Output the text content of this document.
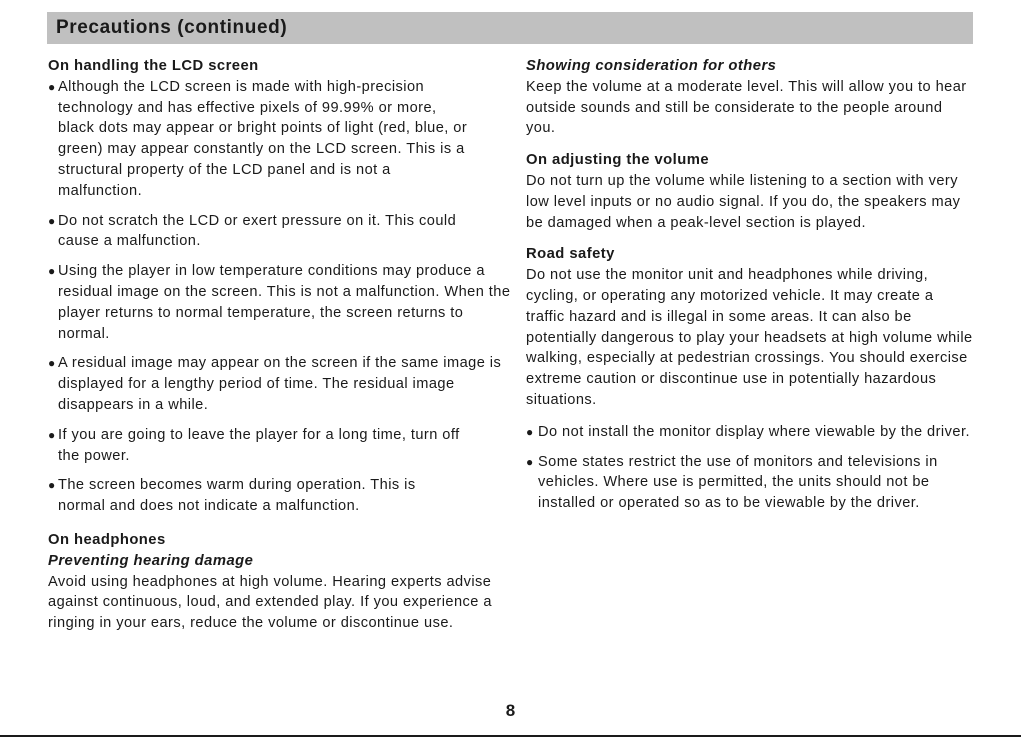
Precautions (continued)
On handling the LCD screen

● Although the LCD screen is made with high-precision technology and has effective pixels of 99.99% or more, black dots may appear or bright points of light (red, blue, or green) may appear constantly on the LCD screen. This is a structural property of the LCD panel and is not a malfunction.

● Do not scratch the LCD or exert pressure on it. This could cause a malfunction.

● Using the player in low temperature conditions may produce a residual image on the screen. This is not a malfunction. When the player returns to normal temperature, the screen returns to normal.

● A residual image may appear on the screen if the same image is displayed for a lengthy period of time. The residual image disappears in a while.

● If you are going to leave the player for a long time, turn off the power.

● The screen becomes warm during operation. This is normal and does not indicate a malfunction.

On headphones
Preventing hearing damage

Avoid using headphones at high volume. Hearing experts advise against continuous, loud, and extended play. If you experience a ringing in your ears, reduce the volume or discontinue use.

Showing consideration for others

Keep the volume at a moderate level. This will allow you to hear outside sounds and still be considerate to the people around you.

On adjusting the volume

Do not turn up the volume while listening to a section with very low level inputs or no audio signal. If you do, the speakers may be damaged when a peak-level section is played.

Road safety

Do not use the monitor unit and headphones while driving, cycling, or operating any motorized vehicle. It may create a traffic hazard and is illegal in some areas. It can also be potentially dangerous to play your headsets at high volume while walking, especially at pedestrian crossings. You should exercise extreme caution or discontinue use in potentially hazardous situations.

● Do not install the monitor display where viewable by the driver.

● Some states restrict the use of monitors and televisions in vehicles. Where use is permitted, the units should not be installed or operated so as to be viewable by the driver.

8
